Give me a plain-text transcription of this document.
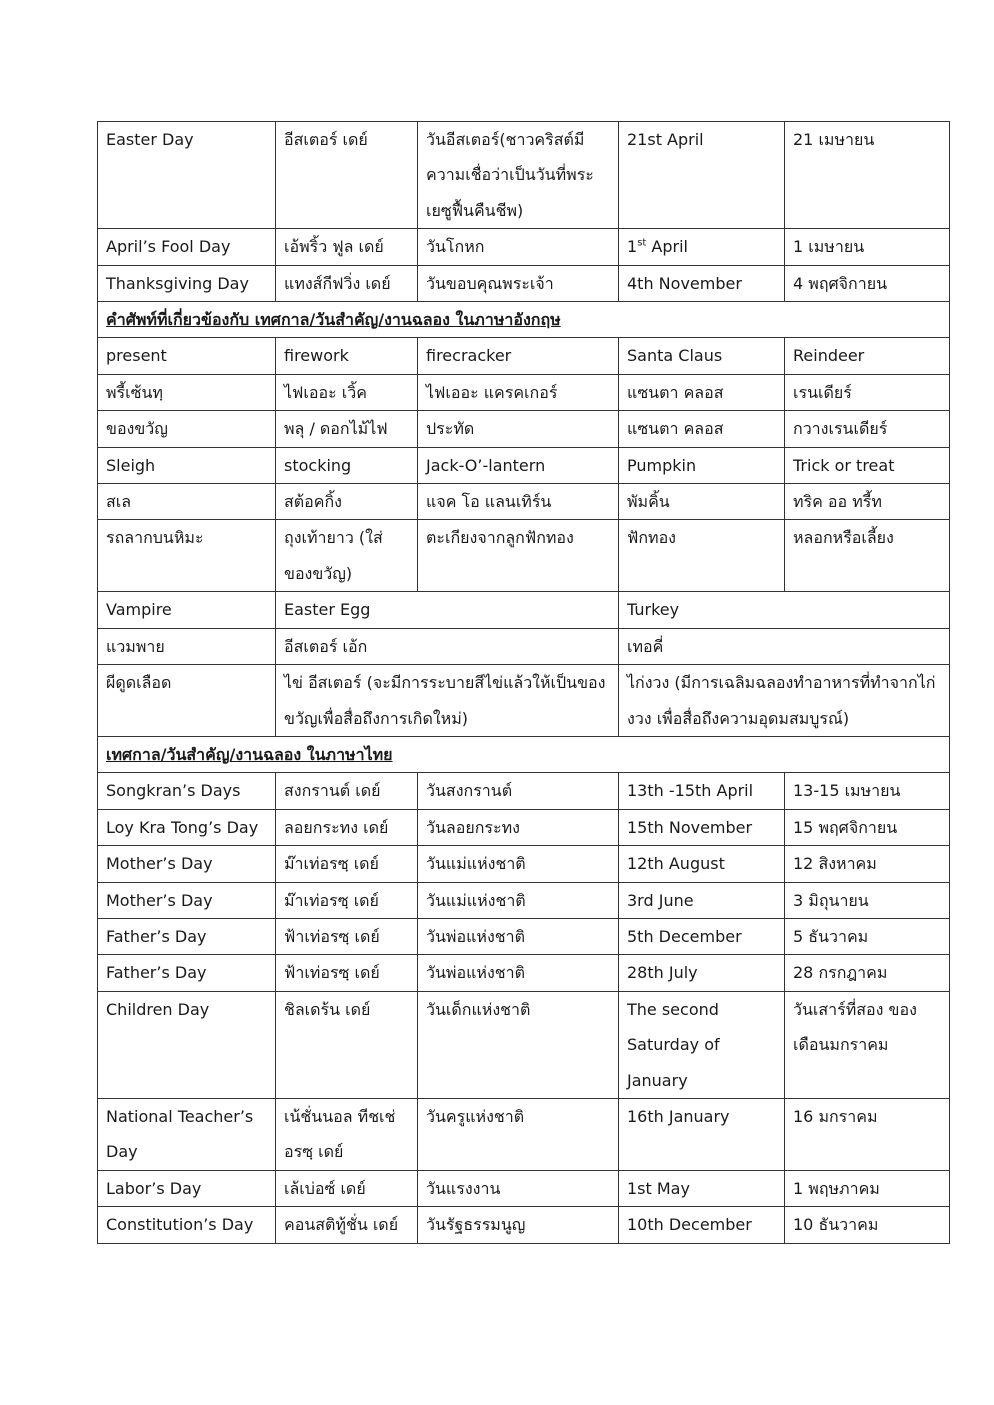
Easter Day	อีสเตอร์ เดย์	วันอีสเตอร์(ชาวคริสต์มีความเชื่อว่าเป็นวันที่พระเยซูฟื้นคืนชีพ)	21st April	21 เมษายน
April’s Fool Day	เอ้พริ้ว ฟูล เดย์	วันโกหก	1st April	1 เมษายน
Thanksgiving Day	แทงส์กีฟวิ่ง เดย์	วันขอบคุณพระเจ้า	4th November	4 พฤศจิกายน
คำศัพท์ที่เกี่ยวข้องกับ เทศกาล/วันสำคัญ/งานฉลอง ในภาษาอังกฤษ				
present	firework	firecracker	Santa Claus	Reindeer
พรี้เซ้นทฺ	ไฟเออะ เวิ้ค	ไฟเออะ แครคเกอร์	แซนตา คลอส	เรนเดียร์
ของขวัญ	พลุ / ดอกไม้ไฟ	ประทัด	แซนตา คลอส	กวางเรนเดียร์
Sleigh	stocking	Jack-O’-lantern	Pumpkin	Trick or treat
สเล	สต้อคกิ้ง	แจค โอ แลนเทิร์น	พัมคิ้น	ทริค ออ ทรี้ท
รถลากบนหิมะ	ถุงเท้ายาว (ใส่ของขวัญ)	ตะเกียงจากลูกฟักทอง	ฟักทอง	หลอกหรือเลี้ยง
Vampire	Easter Egg		Turkey	
แวมพาย	อีสเตอร์ เอ้ก		เทอคี่	
ผีดูดเลือด	ไข่ อีสเตอร์ (จะมีการระบายสีไข่แล้วให้เป็นของขวัญเพื่อสื่อถึงการเกิดใหม่)		ไก่งวง (มีการเฉลิมฉลองทำอาหารที่ทำจากไก่งวง เพื่อสื่อถึงความอุดมสมบูรณ์)	
เทศกาล/วันสำคัญ/งานฉลอง ในภาษาไทย				
Songkran’s Days	สงกรานต์ เดย์	วันสงกรานต์	13th -15th April	13-15 เมษายน
Loy Kra Tong’s Day	ลอยกระทง เดย์	วันลอยกระทง	15th November	15 พฤศจิกายน
Mother’s Day	ม๊าเท่อรซฺ เดย์	วันแม่แห่งชาติ	12th August	12 สิงหาคม
Mother’s Day	ม๊าเท่อรซฺ เดย์	วันแม่แห่งชาติ	3rd June	3 มิถุนายน
Father’s Day	ฟ้าเท่อรซฺ เดย์	วันพ่อแห่งชาติ	5th December	5 ธันวาคม
Father’s Day	ฟ้าเท่อรซฺ เดย์	วันพ่อแห่งชาติ	28th July	28 กรกฎาคม
Children Day	ชิลเดร้น เดย์	วันเด็กแห่งชาติ	The second Saturday of January	วันเสาร์ที่สอง ของเดือนมกราคม
National Teacher’s Day	เน้ชั่นนอล ทีชเช่อรซฺ เดย์	วันครูแห่งชาติ	16th January	16 มกราคม
Labor’s Day	เล้เบ่อซ์ เดย์	วันแรงงาน	1st May	1 พฤษภาคม
Constitution’s Day	คอนสติทู้ชั่น เดย์	วันรัฐธรรมนูญ	10th December	10 ธันวาคม
